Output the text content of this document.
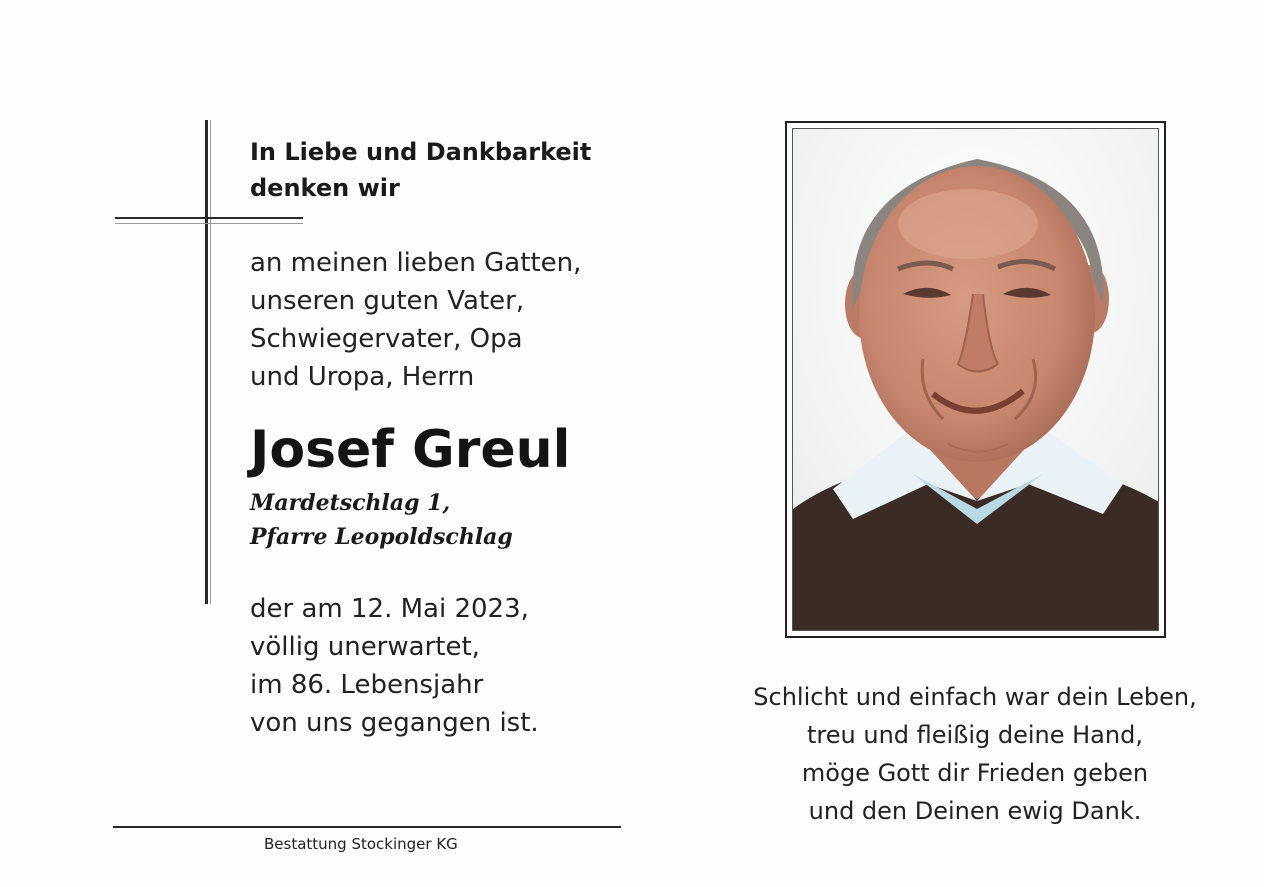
In Liebe und Dankbarkeit
denken wir
an meinen lieben Gatten,
unseren guten Vater,
Schwiegervater, Opa
und Uropa, Herrn
Josef Greul
Mardetschlag 1,
Pfarre Leopoldschlag
der am 12. Mai 2023,
völlig unerwartet,
im 86. Lebensjahr
von uns gegangen ist.
Bestattung Stockinger KG
Schlicht und einfach war dein Leben,
treu und fleißig deine Hand,
möge Gott dir Frieden geben
und den Deinen ewig Dank.
